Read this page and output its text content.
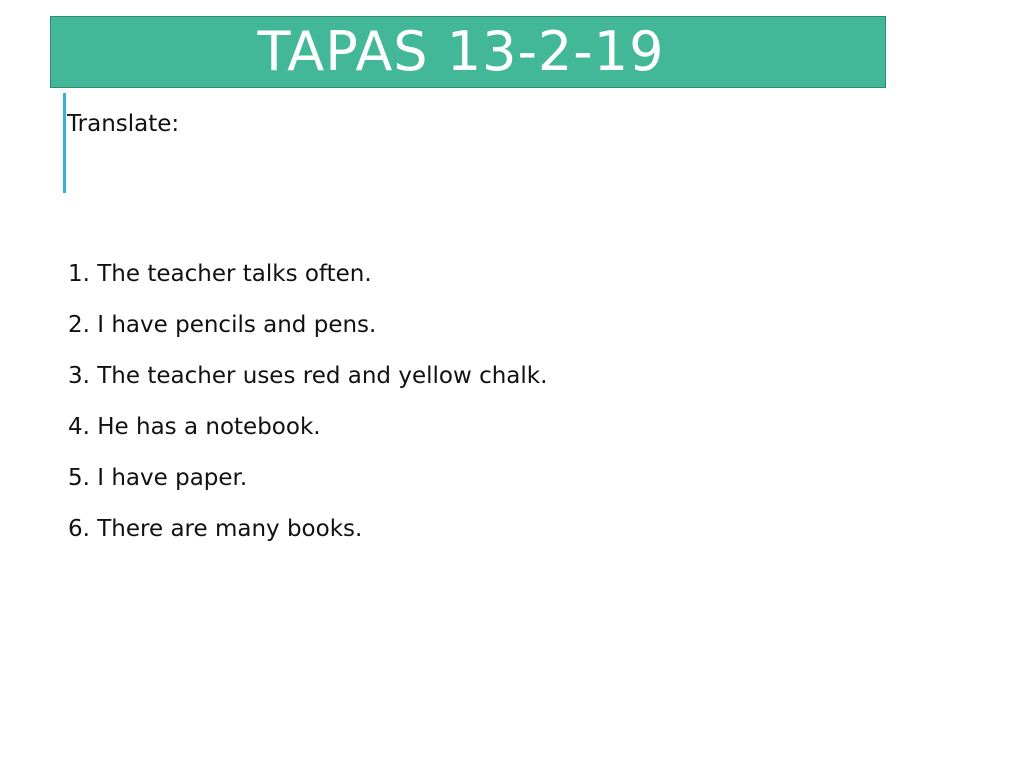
TAPAS 13-2-19
Translate:
1. The teacher talks often.
2. I have pencils and pens.
3. The teacher uses red and yellow chalk.
4. He has a notebook.
5. I have paper.
6. There are many books.
